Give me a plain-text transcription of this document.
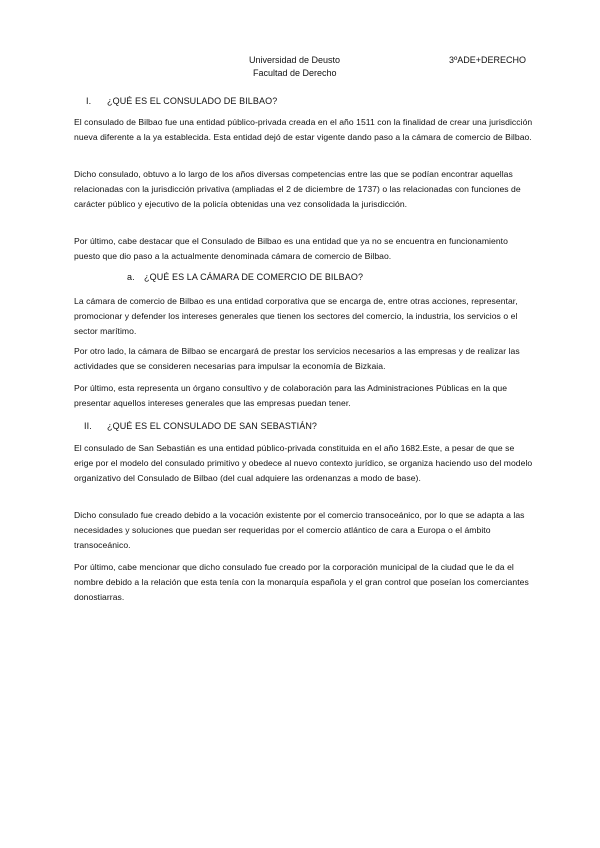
Universidad de Deusto
Facultad de Derecho
3ºADE+DERECHO
I. ¿QUÉ ES EL CONSULADO DE BILBAO?

El consulado de Bilbao fue una entidad público-privada creada en el año 1511 con la finalidad de crear una jurisdicción nueva diferente a la ya establecida. Esta entidad dejó de estar vigente dando paso a la cámara de comercio de Bilbao.

Dicho consulado, obtuvo a lo largo de los años diversas competencias entre las que se podían encontrar aquellas relacionadas con la jurisdicción privativa (ampliadas el 2 de diciembre de 1737) o las relacionadas con funciones de carácter público y ejecutivo de la policía obtenidas una vez consolidada la jurisdicción.

Por último, cabe destacar que el Consulado de Bilbao es una entidad que ya no se encuentra en funcionamiento puesto que dio paso a la actualmente denominada cámara de comercio de Bilbao.

a. ¿QUÉ ES LA CÁMARA DE COMERCIO DE BILBAO?

La cámara de comercio de Bilbao es una entidad corporativa que se encarga de, entre otras acciones, representar, promocionar y defender los intereses generales que tienen los sectores del comercio, la industria, los servicios o el sector marítimo.

Por otro lado, la cámara de Bilbao se encargará de prestar los servicios necesarios a las empresas y de realizar las actividades que se consideren necesarias para impulsar la economía de Bizkaia.

Por último, esta representa un órgano consultivo y de colaboración para las Administraciones Públicas en la que presentar aquellos intereses generales que las empresas puedan tener.

II. ¿QUÉ ES EL CONSULADO DE SAN SEBASTIÁN?

El consulado de San Sebastián es una entidad público-privada constituida en el año 1682.Este, a pesar de que se erige por el modelo del consulado primitivo y obedece al nuevo contexto jurídico, se organiza haciendo uso del modelo organizativo del Consulado de Bilbao (del cual adquiere las ordenanzas a modo de base).

Dicho consulado fue creado debido a la vocación existente por el comercio transoceánico, por lo que se adapta a las necesidades y soluciones que puedan ser requeridas por el comercio atlántico de cara a Europa o el ámbito transoceánico.

Por último, cabe mencionar que dicho consulado fue creado por la corporación municipal de la ciudad que le da el nombre debido a la relación que esta tenía con la monarquía española y el gran control que poseían los comerciantes donostiarras.
